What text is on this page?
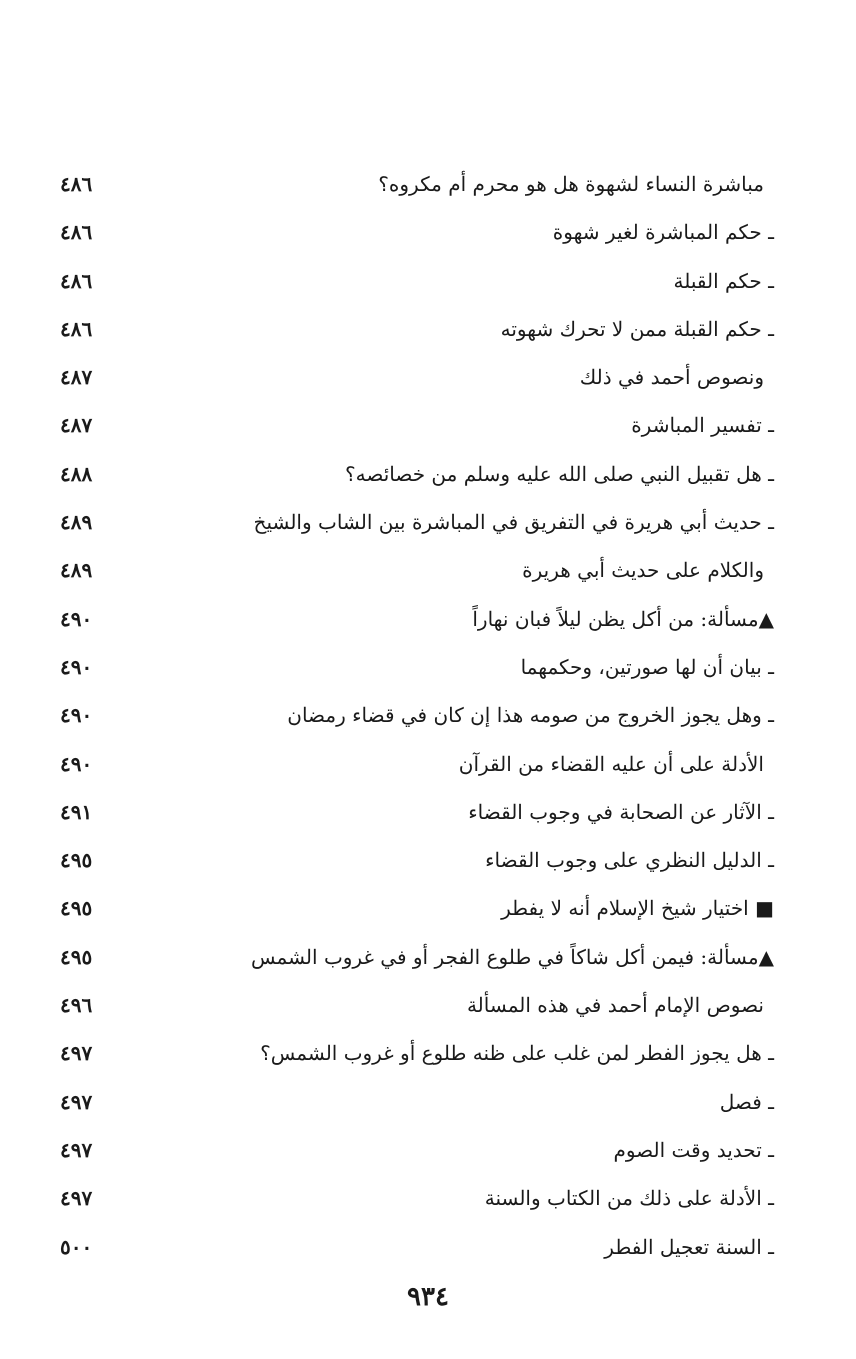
مباشرة النساء لشهوة هل هو محرم أم مكروه؟
٤٨٦
ـ حكم المباشرة لغير شهوة
٤٨٦
ـ حكم القبلة
٤٨٦
ـ حكم القبلة ممن لا تحرك شهوته
٤٨٦
ونصوص أحمد في ذلك
٤٨٧
ـ تفسير المباشرة
٤٨٧
ـ هل تقبيل النبي صلى الله عليه وسلم من خصائصه؟
٤٨٨
ـ حديث أبي هريرة في التفريق في المباشرة بين الشاب والشيخ
٤٨٩
والكلام على حديث أبي هريرة
٤٨٩
▲مسألة: من أكل يظن ليلاً فبان نهاراً
٤٩٠
ـ بيان أن لها صورتين، وحكمهما
٤٩٠
ـ وهل يجوز الخروج من صومه هذا إن كان في قضاء رمضان
٤٩٠
الأدلة على أن عليه القضاء من القرآن
٤٩٠
ـ الآثار عن الصحابة في وجوب القضاء
٤٩١
ـ الدليل النظري على وجوب القضاء
٤٩٥
■ اختيار شيخ الإسلام أنه لا يفطر
٤٩٥
▲مسألة: فيمن أكل شاكاً في طلوع الفجر أو في غروب الشمس
٤٩٥
نصوص الإمام أحمد في هذه المسألة
٤٩٦
ـ هل يجوز الفطر لمن غلب على ظنه طلوع أو غروب الشمس؟
٤٩٧
ـ فصل
٤٩٧
ـ تحديد وقت الصوم
٤٩٧
ـ الأدلة على ذلك من الكتاب والسنة
٤٩٧
ـ السنة تعجيل الفطر
٥٠٠
٩٣٤
